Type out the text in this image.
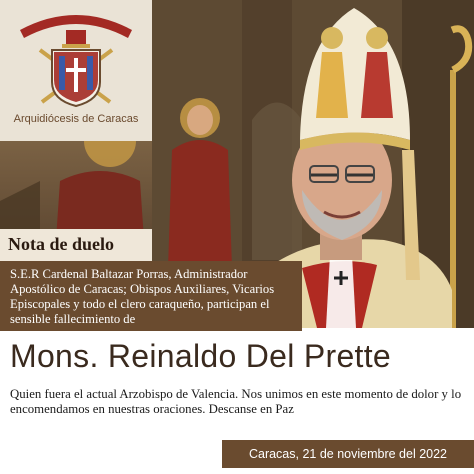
Arquidiócesis de Caracas
Nota de duelo
S.E.R Cardenal Baltazar Porras, Administrador Apostólico de Caracas; Obispos Auxiliares, Vicarios Episcopales y todo el clero caraqueño, participan el sensible fallecimiento de
Mons. Reinaldo Del Prette
Quien fuera el actual Arzobispo de Valencia. Nos unimos en este momento de dolor y lo encomendamos en nuestras oraciones. Descanse en Paz
Caracas, 21 de noviembre del 2022
